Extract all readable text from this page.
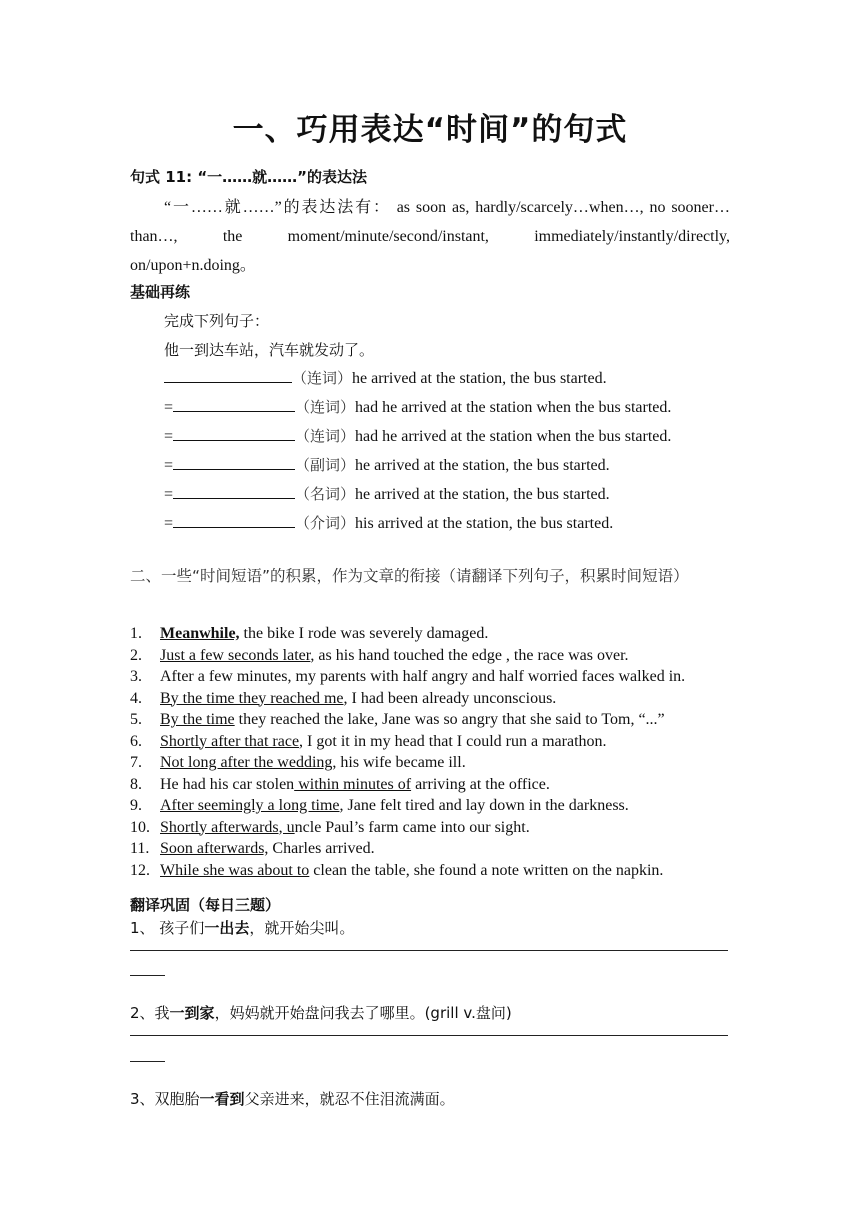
一、巧用表达“时间”的句式
句式 11: “一……就……”的表达法
“一……就……”的表达法有： as soon as, hardly/scarcely…when…, no sooner… than…, the moment/minute/second/instant, immediately/instantly/directly, on/upon+n.doing。
基础再练
完成下列句子：
他一到达车站，汽车就发动了。
（连词）he arrived at the station, the bus started.
=	（连词）had he arrived at the station when the bus started.
=	（连词）had he arrived at the station when the bus started.
=	（副词）he arrived at the station, the bus started.
=	（名词）he arrived at the station, the bus started.
=	（介词）his arrived at the station, the bus started.
二、一些“时间短语”的积累，作为文章的衔接（请翻译下列句子，积累时间短语）
1. Meanwhile, the bike I rode was severely damaged.
2. Just a few seconds later, as his hand touched the edge , the race was over.
3. After a few minutes, my parents with half angry and half worried faces walked in.
4. By the time they reached me, I had been already unconscious.
5. By the time they reached the lake, Jane was so angry that she said to Tom, “...”
6. Shortly after that race, I got it in my head that I could run a marathon.
7. Not long after the wedding, his wife became ill.
8. He had his car stolen within minutes of arriving at the office.
9. After seemingly a long time, Jane felt tired and lay down in the darkness.
10. Shortly afterwards, uncle Paul’s farm came into our sight.
11. Soon afterwards, Charles arrived.
12. While she was about to clean the table, she found a note written on the napkin.
翻译巩固（每日三题）
1、 孩子们一出去，就开始尖叫。
2、我一到家，妈妈就开始盘问我去了哪里。(grill v.盘问)
3、双胞胎一看到父亲进来，就忍不住泪流满面。
